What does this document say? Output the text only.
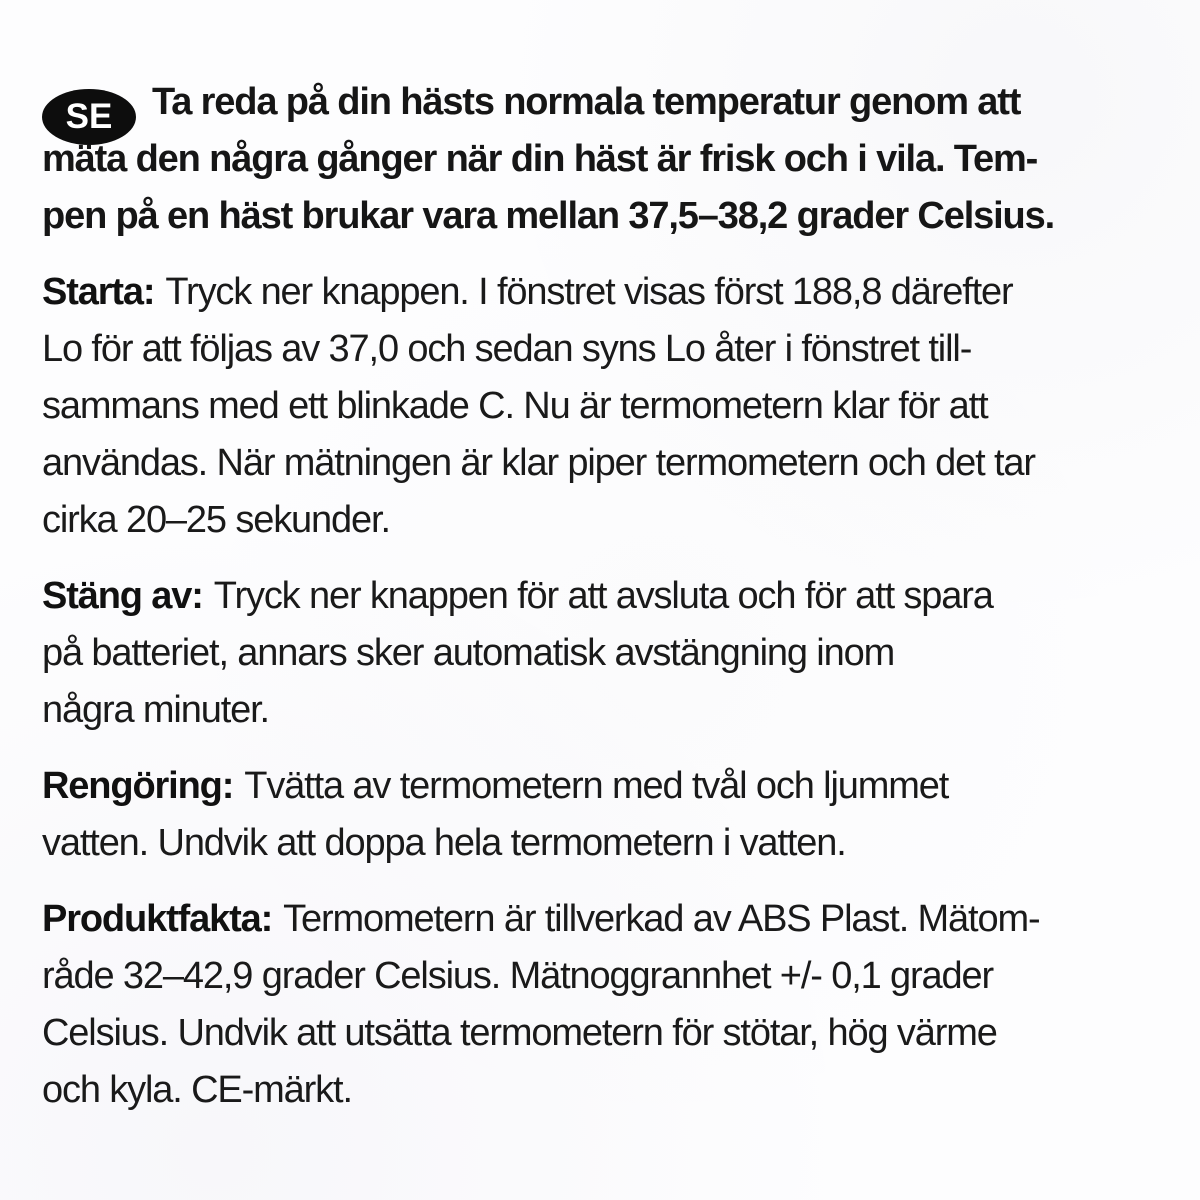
SE Ta reda på din hästs normala temperatur genom att
mäta den några gånger när din häst är frisk och i vila. Tem-
pen på en häst brukar vara mellan 37,5–38,2 grader Celsius.
Starta: Tryck ner knappen. I fönstret visas först 188,8 därefter
Lo för att följas av 37,0 och sedan syns Lo åter i fönstret till-
sammans med ett blinkade C. Nu är termometern klar för att
användas. När mätningen är klar piper termometern och det tar
cirka 20–25 sekunder.
Stäng av: Tryck ner knappen för att avsluta och för att spara
på batteriet, annars sker automatisk avstängning inom
några minuter.
Rengöring: Tvätta av termometern med tvål och ljummet
vatten. Undvik att doppa hela termometern i vatten.
Produktfakta: Termometern är tillverkad av ABS Plast. Mätom-
råde 32–42,9 grader Celsius. Mätnoggrannhet +/- 0,1 grader
Celsius. Undvik att utsätta termometern för stötar, hög värme
och kyla. CE-märkt.
